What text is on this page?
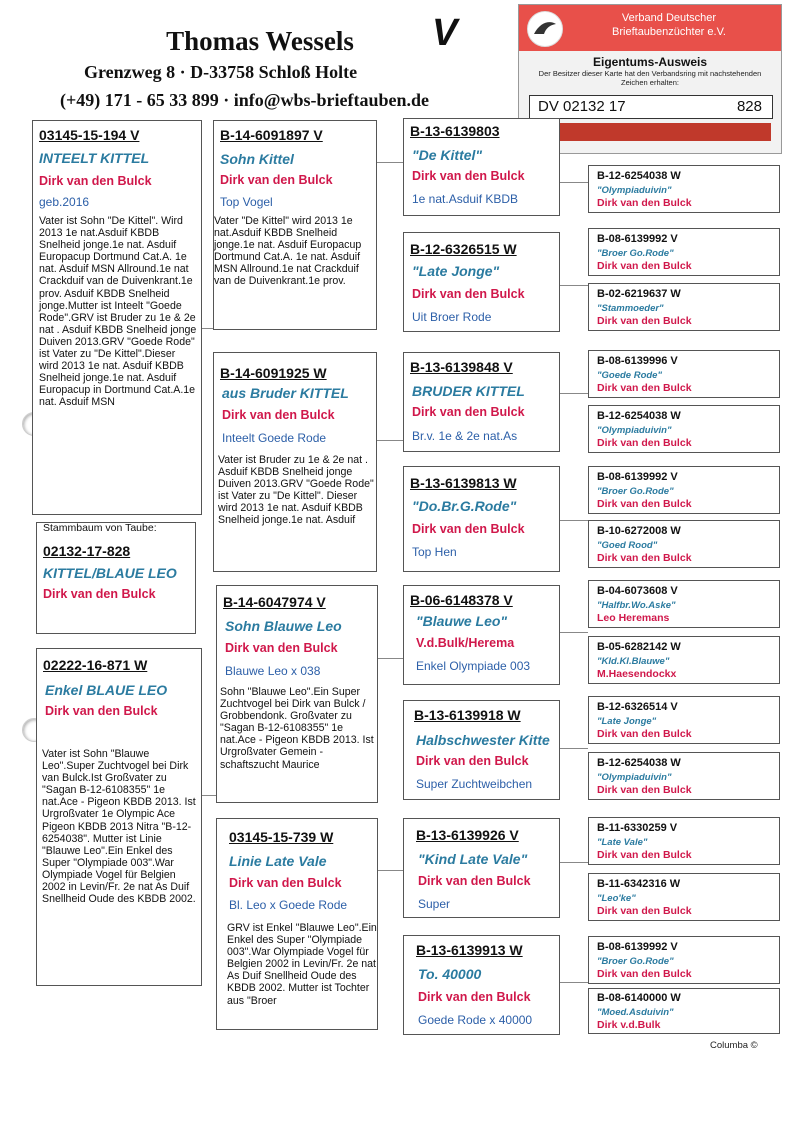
Thomas Wessels
Grenzweg 8 · D-33758 Schloß Holte
(+49) 171 - 65 33 899 · info@wbs-brieftauben.de
V	Verband Deutscher
Brieftaubenzüchter e.V.
Eigentums-Ausweis
Der Besitzer dieser Karte hat den Verbandsring mit nachstehenden Zeichen erhalten:
DV 02132 17	828
03145-15-194 V
INTEELT KITTEL
Dirk van den Bulck
geb.2016
Vater ist Sohn "De Kittel". Wird 2013 1e nat.Asduif KBDB Snelheid jonge.1e nat. Asduif Europacup Dortmund Cat.A. 1e nat. Asduif MSN Allround.1e nat Crackduif van de Duivenkrant.1e prov. Asduif KBDB Snelheid jonge.Mutter ist Inteelt "Goede Rode".GRV ist Bruder zu 1e & 2e nat . Asduif KBDB Snelheid jonge Duiven 2013.GRV "Goede Rode" ist Vater zu "De Kittel".Dieser wird 2013 1e nat. Asduif KBDB Snelheid jonge.1e nat. Asduif Europacup in Dortmund Cat.A.1e nat. Asduif MSN
Stammbaum von Taube:
02132-17-828
KITTEL/BLAUE LEO
Dirk van den Bulck
02222-16-871 W
Enkel BLAUE LEO
Dirk van den Bulck
Vater ist Sohn "Blauwe Leo".Super Zuchtvogel bei Dirk van Bulck.Ist Großvater zu "Sagan B-12-6108355" 1e nat.Ace - Pigeon KBDB 2013. Ist Urgroßvater 1e Olympic Ace Pigeon KBDB 2013 Nitra "B-12-6254038". Mutter ist Linie "Blauwe Leo".Ein Enkel des Super "Olympiade 003".War Olympiade Vogel für Belgien 2002 in Levin/Fr. 2e nat As Duif Snellheid Oude des KBDB 2002.
B-14-6091897 V
Sohn Kittel
Dirk van den Bulck
Top Vogel
Vater "De Kittel" wird 2013 1e nat.Asduif KBDB Snelheid jonge.1e nat. Asduif Europacup Dortmund Cat.A. 1e nat. Asduif MSN Allround.1e nat Crackduif van de Duivenkrant.1e prov.
B-14-6091925 W
aus Bruder KITTEL
Dirk van den Bulck
Inteelt Goede Rode
Vater ist Bruder zu 1e & 2e nat . Asduif KBDB Snelheid jonge Duiven 2013.GRV "Goede Rode" ist Vater zu "De Kittel". Dieser wird 2013 1e nat. Asduif KBDB Snelheid jonge.1e nat. Asduif
B-14-6047974 V
Sohn Blauwe Leo
Dirk van den Bulck
Blauwe Leo x 038
Sohn "Blauwe Leo".Ein Super Zuchtvogel bei Dirk van Bulck / Grobbendonk. Großvater zu "Sagan B-12-6108355" 1e nat.Ace - Pigeon KBDB 2013. Ist Urgroßvater Gemein - schaftszucht Maurice
03145-15-739 W
Linie Late Vale
Dirk van den Bulck
Bl. Leo x Goede Rode
GRV ist Enkel "Blauwe Leo".Ein Enkel des Super "Olympiade 003".War Olympiade Vogel für Belgien 2002 in Levin/Fr. 2e nat As Duif Snellheid Oude des KBDB 2002. Mutter ist Tochter aus "Broer
B-13-6139803
"De Kittel"
Dirk van den Bulck
1e nat.Asduif KBDB
B-12-6326515 W
"Late Jonge"
Dirk van den Bulck
Uit Broer Rode
B-13-6139848 V
BRUDER KITTEL
Dirk van den Bulck
Br.v. 1e & 2e nat.As
B-13-6139813 W
"Do.Br.G.Rode"
Dirk van den Bulck
Top Hen
B-06-6148378 V
"Blauwe Leo"
V.d.Bulk/Herema
Enkel Olympiade 003
B-13-6139918 W
Halbschwester Kitte
Dirk van den Bulck
Super Zuchtweibchen
B-13-6139926 V
"Kind Late Vale"
Dirk van den Bulck
Super
B-13-6139913 W
To. 40000
Dirk van den Bulck
Goede Rode x 40000
B-12-6254038 W
"Olympiaduivin"
Dirk van den Bulck
B-08-6139992 V
"Broer Go.Rode"
Dirk van den Bulck
B-02-6219637 W
"Stammoeder"
Dirk van den Bulck
B-08-6139996 V
"Goede Rode"
Dirk van den Bulck
B-12-6254038 W
"Olympiaduivin"
Dirk van den Bulck
B-08-6139992 V
"Broer Go.Rode"
Dirk van den Bulck
B-10-6272008 W
"Goed Rood"
Dirk van den Bulck
B-04-6073608 V
"Halfbr.Wo.Aske"
Leo Heremans
B-05-6282142 W
"Kld.Kl.Blauwe"
M.Haesendockx
B-12-6326514 V
"Late Jonge"
Dirk van den Bulck
B-12-6254038 W
"Olympiaduivin"
Dirk van den Bulck
B-11-6330259 V
"Late Vale"
Dirk van den Bulck
B-11-6342316 W
"Leo'ke"
Dirk van den Bulck
B-08-6139992 V
"Broer Go.Rode"
Dirk van den Bulck
B-08-6140000 W
"Moed.Asduivin"
Dirk v.d.Bulk
Columba ©
